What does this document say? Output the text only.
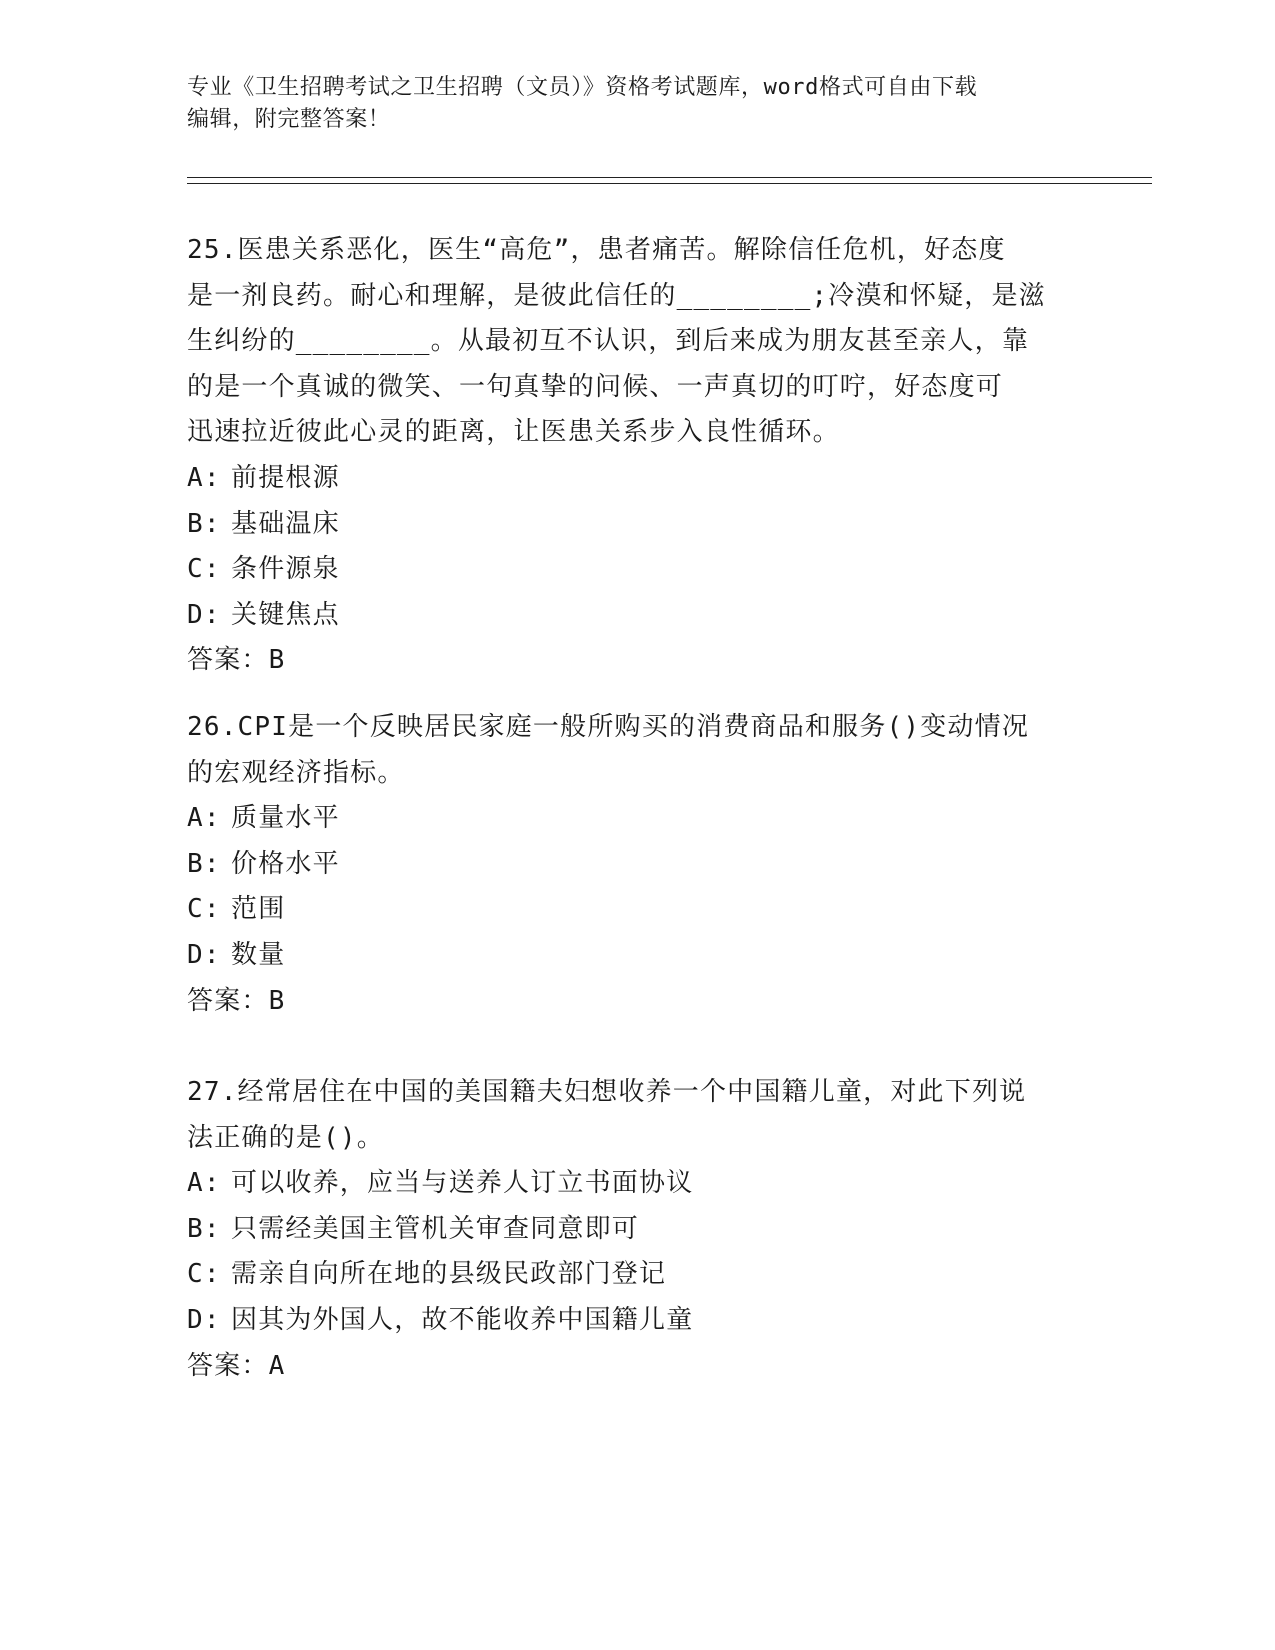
专业《卫生招聘考试之卫生招聘（文员）》资格考试题库，word格式可自由下载
编辑，附完整答案！
25.医患关系恶化，医生“高危”，患者痛苦。解除信任危机，好态度
是一剂良药。耐心和理解，是彼此信任的________;冷漠和怀疑，是滋
生纠纷的________。从最初互不认识，到后来成为朋友甚至亲人，靠
的是一个真诚的微笑、一句真挚的问候、一声真切的叮咛，好态度可
迅速拉近彼此心灵的距离，让医患关系步入良性循环。
A: 前提根源
B: 基础温床
C: 条件源泉
D: 关键焦点
答案：B
26.CPI是一个反映居民家庭一般所购买的消费商品和服务()变动情况
的宏观经济指标。
A: 质量水平
B: 价格水平
C: 范围
D: 数量
答案：B
27.经常居住在中国的美国籍夫妇想收养一个中国籍儿童，对此下列说
法正确的是()。
A: 可以收养，应当与送养人订立书面协议
B: 只需经美国主管机关审查同意即可
C: 需亲自向所在地的县级民政部门登记
D: 因其为外国人，故不能收养中国籍儿童
答案：A
